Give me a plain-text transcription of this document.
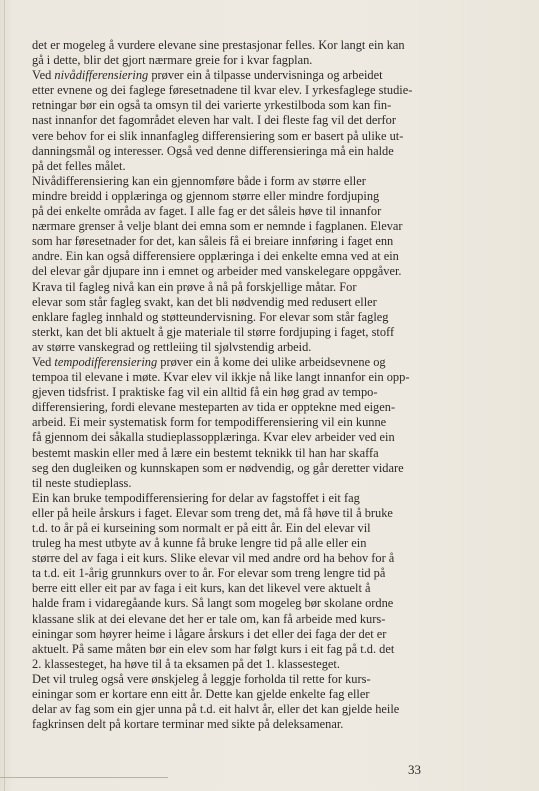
det er mogeleg å vurdere elevane sine prestasjonar felles. Kor langt ein kan
gå i dette, blir det gjort nærmare greie for i kvar fagplan.

Ved nivådifferensiering prøver ein å tilpasse undervisninga og arbeidet
etter evnene og dei faglege føresetnadene til kvar elev. I yrkesfaglege studie-
retningar bør ein også ta omsyn til dei varierte yrkestilboda som kan fin-
nast innanfor det fagområdet eleven har valt. I dei fleste fag vil det derfor
vere behov for ei slik innanfagleg differensiering som er basert på ulike ut-
danningsmål og interesser. Også ved denne differensieringa må ein halde
på det felles målet.

Nivådifferensiering kan ein gjennomføre både i form av større eller
mindre breidd i opplæringa og gjennom større eller mindre fordjuping
på dei enkelte områda av faget. I alle fag er det såleis høve til innanfor
nærmare grenser å velje blant dei emna som er nemnde i fagplanen. Elevar
som har føresetnader for det, kan såleis få ei breiare innføring i faget enn
andre. Ein kan også differensiere opplæringa i dei enkelte emna ved at ein
del elevar går djupare inn i emnet og arbeider med vanskelegare oppgåver.

Krava til fagleg nivå kan ein prøve å nå på forskjellige måtar. For
elevar som står fagleg svakt, kan det bli nødvendig med redusert eller
enklare fagleg innhald og støtteundervisning. For elevar som står fagleg
sterkt, kan det bli aktuelt å gje materiale til større fordjuping i faget, stoff
av større vanskegrad og rettleiing til sjølvstendig arbeid.

Ved tempodifferensiering prøver ein å kome dei ulike arbeidsevnene og
tempoa til elevane i møte. Kvar elev vil ikkje nå like langt innanfor ein opp-
gjeven tidsfrist. I praktiske fag vil ein alltid få ein høg grad av tempo-
differensiering, fordi elevane mesteparten av tida er opptekne med eigen-
arbeid. Ei meir systematisk form for tempodifferensiering vil ein kunne
få gjennom dei såkalla studieplassopplæringa. Kvar elev arbeider ved ein
bestemt maskin eller med å lære ein bestemt teknikk til han har skaffa
seg den dugleiken og kunnskapen som er nødvendig, og går deretter vidare
til neste studieplass.

Ein kan bruke tempodifferensiering for delar av fagstoffet i eit fag
eller på heile årskurs i faget. Elevar som treng det, må få høve til å bruke
t.d. to år på ei kurseining som normalt er på eitt år. Ein del elevar vil
truleg ha mest utbyte av å kunne få bruke lengre tid på alle eller ein
større del av faga i eit kurs. Slike elevar vil med andre ord ha behov for å
ta t.d. eit 1-årig grunnkurs over to år. For elevar som treng lengre tid på
berre eitt eller eit par av faga i eit kurs, kan det likevel vere aktuelt å
halde fram i vidaregåande kurs. Så langt som mogeleg bør skolane ordne
klassane slik at dei elevane det her er tale om, kan få arbeide med kurs-
einingar som høyrer heime i lågare årskurs i det eller dei faga der det er
aktuelt. På same måten bør ein elev som har følgt kurs i eit fag på t.d. det
2. klassesteget, ha høve til å ta eksamen på det 1. klassesteget.

Det vil truleg også vere ønskjeleg å leggje forholda til rette for kurs-
einingar som er kortare enn eitt år. Dette kan gjelde enkelte fag eller
delar av fag som ein gjer unna på t.d. eit halvt år, eller det kan gjelde heile
fagkrinsen delt på kortare terminar med sikte på deleksamenar.

33
